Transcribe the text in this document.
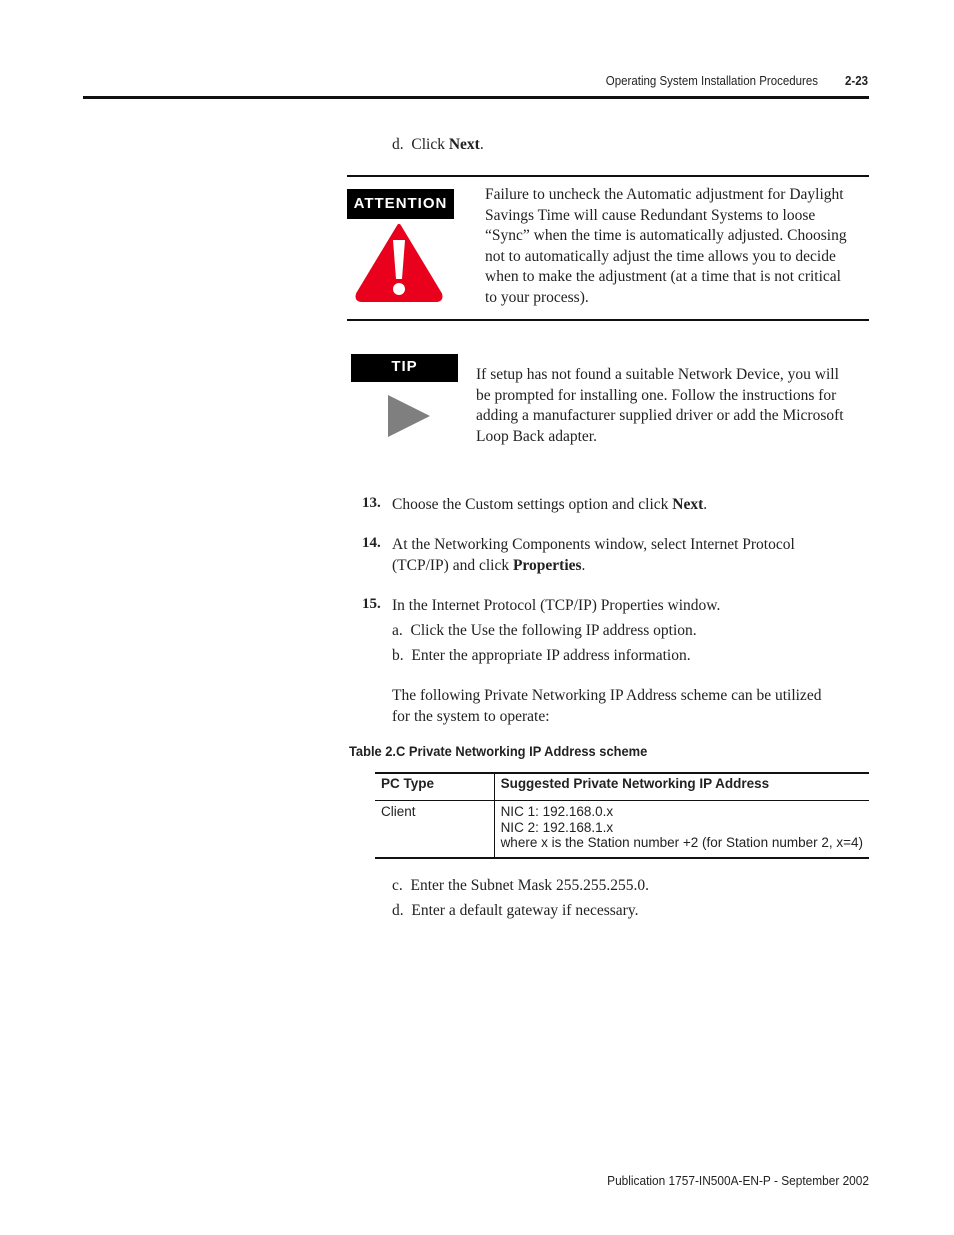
Operating System Installation Procedures	2-23
d.  Click Next.
ATTENTION
Failure to uncheck the Automatic adjustment for Daylight
Savings Time will cause Redundant Systems to loose
“Sync” when the time is automatically adjusted. Choosing
not to automatically adjust the time allows you to decide
when to make the adjustment (at a time that is not critical
to your process).
TIP	If setup has not found a suitable Network Device, you will
be prompted for installing one. Follow the instructions for
adding a manufacturer supplied driver or add the Microsoft
Loop Back adapter.
13. Choose the Custom settings option and click Next.
14. At the Networking Components window, select Internet Protocol
(TCP/IP) and click Properties.
15. In the Internet Protocol (TCP/IP) Properties window.
a.  Click the Use the following IP address option.
b.  Enter the appropriate IP address information.
The following Private Networking IP Address scheme can be utilized
for the system to operate:
Table 2.C Private Networking IP Address scheme
PC Type	Suggested Private Networking IP Address
Client	NIC 1: 192.168.0.x
NIC 2: 192.168.1.x
where x is the Station number +2 (for Station number 2, x=4)
c.  Enter the Subnet Mask 255.255.255.0.
d.  Enter a default gateway if necessary.
Publication 1757-IN500A-EN-P - September 2002
